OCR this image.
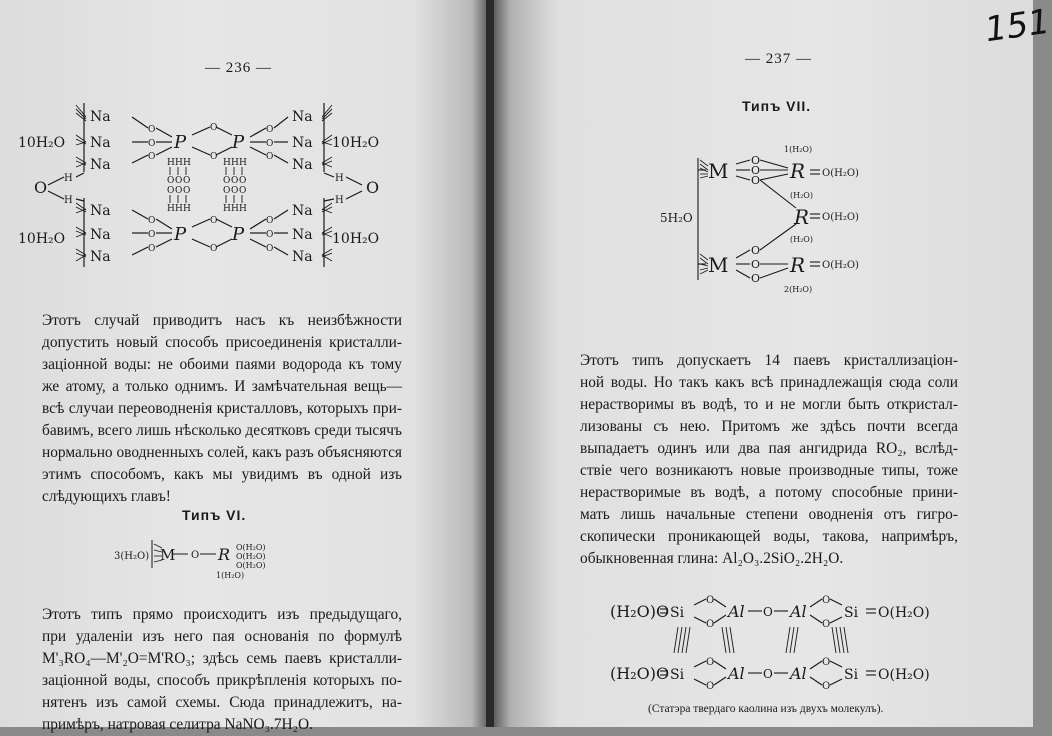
— 236 —
10H₂O
10H₂O
10H₂O
10H₂O
O	O
H
H
H
H
Na
Na
Na
Na
Na
Na
Na
Na
Na
Na
Na
Na
O
O
O
O
O
O
O
O
O
O
O
O
O
O
O
O
H H H
O O O
O O O
H H H
H H H
O O O
O O O
H H H
P	P
P	P
Этотъ случай приводитъ насъ къ неизбѣжности
допустить новый способъ присоединенія кристалли-
заціонной воды: не обоими паями водорода къ тому
же атому, а только однимъ. И замѣчательная вещь—
всѣ случаи переоводненія кристалловъ, которыхъ при-
бавимъ, всего лишь нѣсколько десятковъ среди тысячъ
нормально оводненныхъ солей, какъ разъ объясняются
этимъ способомъ, какъ мы увидимъ въ одной изъ
слѣдующихъ главъ!
Типъ VI.
3(H₂O) M O R O(H₂O)
O(H₂O)
O(H₂O)
1(H₂O)
Этотъ типъ прямо происходитъ изъ предыдущаго,
при удаленіи изъ него пая основанія по формулѣ
M'₃RO₄—M'₂O=M'RO₃; здѣсь семь паевъ кристалли-
заціонной воды, способъ прикрѣпленія которыхъ по-
нятенъ изъ самой схемы. Сюда принадлежитъ, на-
примѣръ, натровая селитра NaNO₃.7H₂O.
— 237 —
151
Типъ VII.
5H₂O
M
M
O
O
O
O
O
O
R
R
R
O(H₂O)
O(H₂O)
O(H₂O)
1(H₂O)
(H₂O)
(H₂O)
2(H₂O)
Этотъ типъ допускаетъ 14 паевъ кристаллизаціон-
ной воды. Но такъ какъ всѣ принадлежащія сюда соли
нерастворимы въ водѣ, то и не могли быть откристал-
лизованы съ нею. Притомъ же здѣсь почти всегда
выпадаетъ одинъ или два пая ангидрида RO₂, вслѣд-
ствіе чего возникаютъ новые производные типы, тоже
нерастворимые въ водѣ, а потому способные прини-
мать лишь начальные степени оводненія отъ гигро-
скопически проникающей воды, такова, напримѣръ,
обыкновенная глина: Al₂O₃.2SiO₂.2H₂O.
(H₂O)O Si
O
O
Al O Al
O
O
Si O(H₂O)
(H₂O)O Si
O
O
Al O Al
O
O
Si O(H₂O)
(Статэра твердаго каолина изъ двухъ молекулъ).
